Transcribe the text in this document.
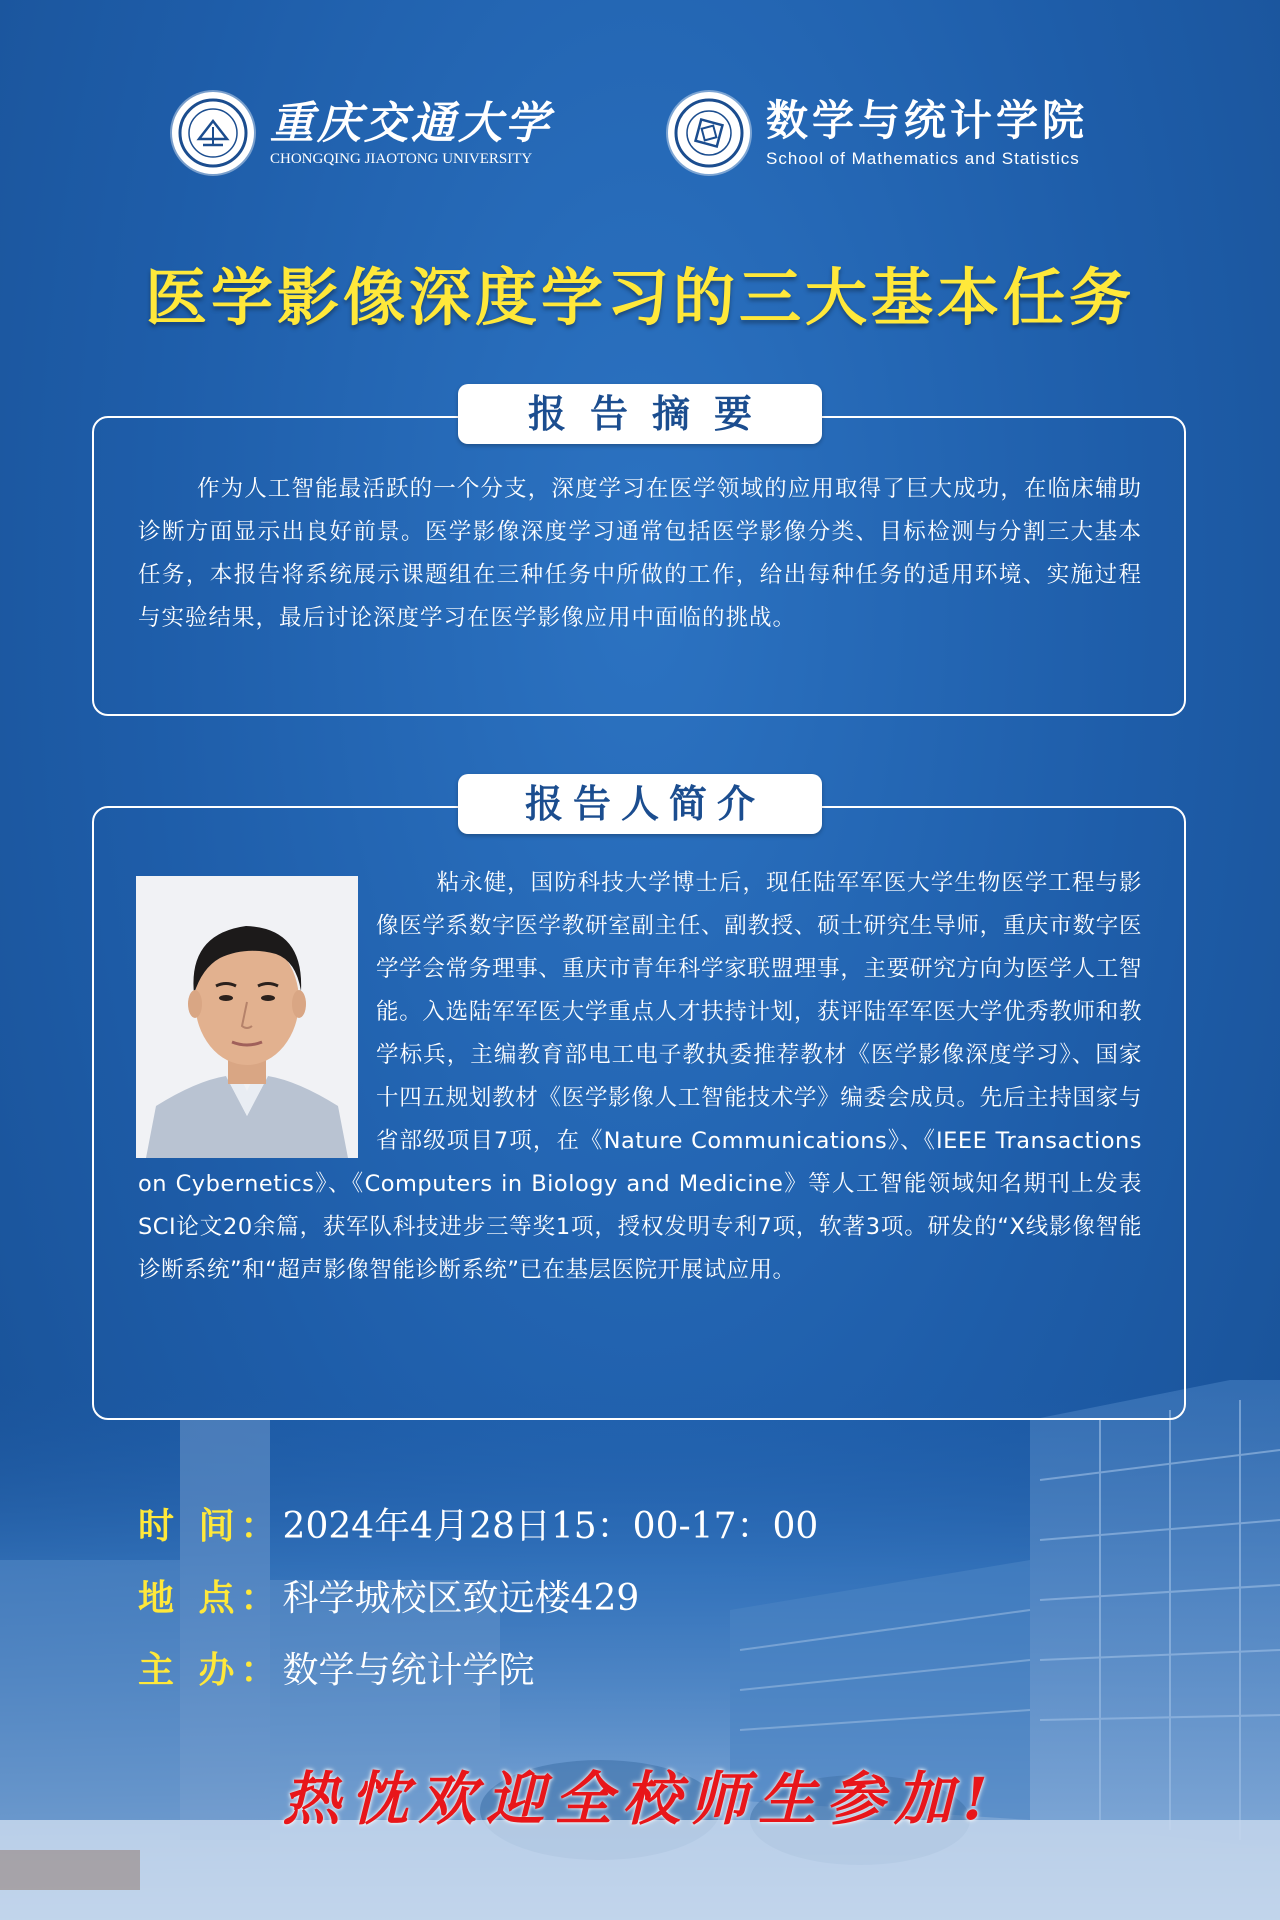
重庆交通大学
CHONGQING JIAOTONG UNIVERSITY
数学与统计学院
School of Mathematics and Statistics
医学影像深度学习的三大基本任务
报告摘要
作为人工智能最活跃的一个分支，深度学习在医学领域的应用取得了巨大成功，在临床辅助诊断方面显示出良好前景。医学影像深度学习通常包括医学影像分类、目标检测与分割三大基本任务，本报告将系统展示课题组在三种任务中所做的工作，给出每种任务的适用环境、实施过程与实验结果，最后讨论深度学习在医学影像应用中面临的挑战。
报告人简介
粘永健，国防科技大学博士后，现任陆军军医大学生物医学工程与影像医学系数字医学教研室副主任、副教授、硕士研究生导师，重庆市数字医学学会常务理事、重庆市青年科学家联盟理事，主要研究方向为医学人工智能。入选陆军军医大学重点人才扶持计划，获评陆军军医大学优秀教师和教学标兵，主编教育部电工电子教执委推荐教材《医学影像深度学习》、国家十四五规划教材《医学影像人工智能技术学》编委会成员。先后主持国家与省部级项目7项，在《Nature Communications》、《IEEE Transactions on Cybernetics》、《Computers in Biology and Medicine》等人工智能领域知名期刊上发表SCI论文20余篇，获军队科技进步三等奖1项，授权发明专利7项，软著3项。研发的“X线影像智能诊断系统”和“超声影像智能诊断系统”已在基层医院开展试应用。
时 间：2024年4月28日15：00-17：00
地 点：科学城校区致远楼429
主 办：数学与统计学院
热忱欢迎全校师生参加!
